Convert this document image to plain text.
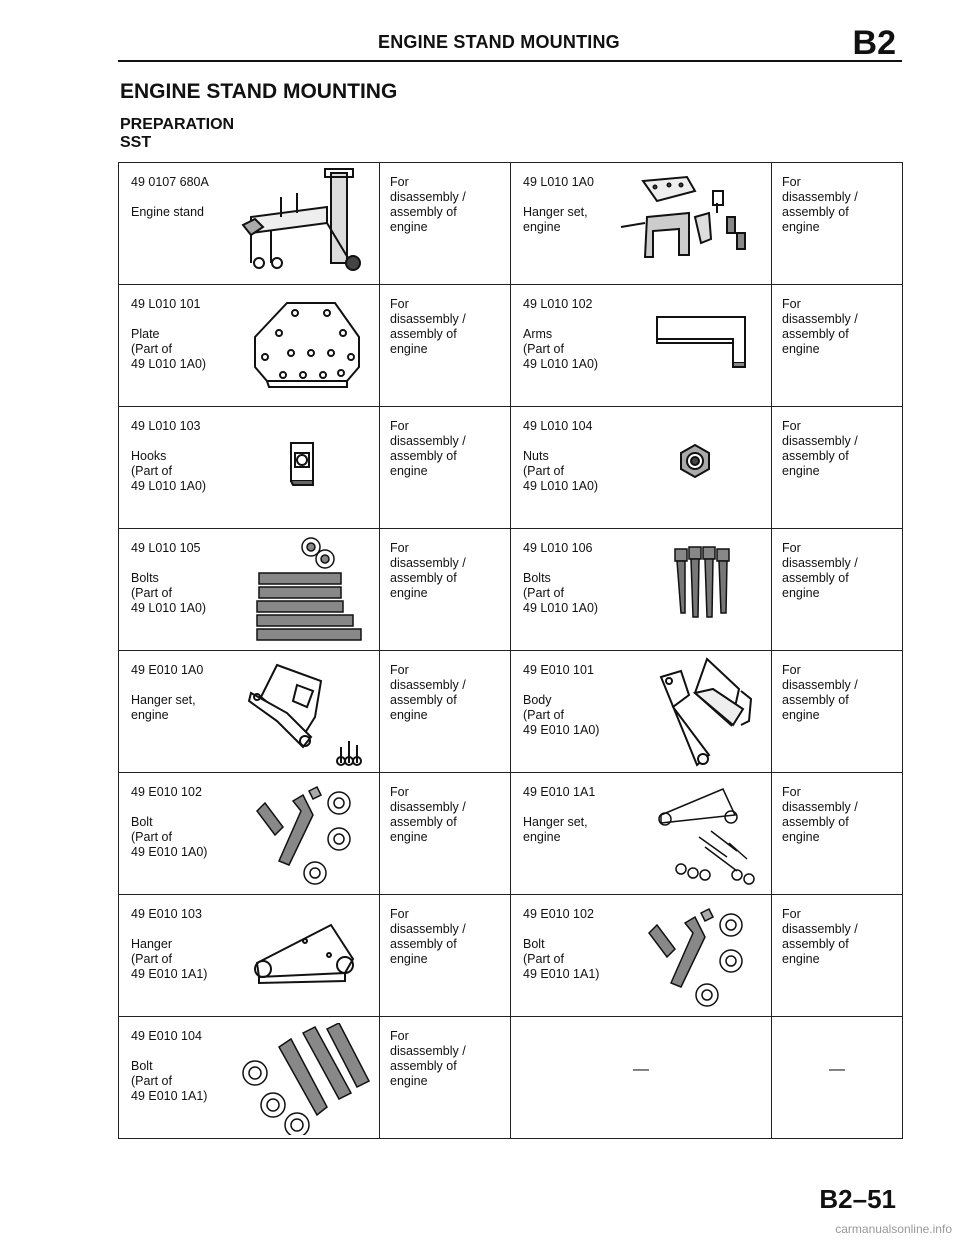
ENGINE STAND MOUNTING	B2
ENGINE STAND MOUNTING
PREPARATION
SST
49 0107 680A
Engine stand	For
disassembly /
assembly of
engine	49 L010 1A0
Hanger set,
engine	For
disassembly /
assembly of
engine

49 L010 101
Plate
(Part of
49 L010 1A0)	For
disassembly /
assembly of
engine	49 L010 102
Arms
(Part of
49 L010 1A0)	For
disassembly /
assembly of
engine

49 L010 103
Hooks
(Part of
49 L010 1A0)	For
disassembly /
assembly of
engine	49 L010 104
Nuts
(Part of
49 L010 1A0)	For
disassembly /
assembly of
engine

49 L010 105
Bolts
(Part of
49 L010 1A0)	For
disassembly /
assembly of
engine	49 L010 106
Bolts
(Part of
49 L010 1A0)	For
disassembly /
assembly of
engine

49 E010 1A0
Hanger set,
engine	For
disassembly /
assembly of
engine	49 E010 101
Body
(Part of
49 E010 1A0)	For
disassembly /
assembly of
engine

49 E010 102
Bolt
(Part of
49 E010 1A0)	For
disassembly /
assembly of
engine	49 E010 1A1
Hanger set,
engine	For
disassembly /
assembly of
engine

49 E010 103
Hanger
(Part of
49 E010 1A1)	For
disassembly /
assembly of
engine	49 E010 102
Bolt
(Part of
49 E010 1A1)	For
disassembly /
assembly of
engine

49 E010 104
Bolt
(Part of
49 E010 1A1)	For
disassembly /
assembly of
engine	—	—
B2–51
carmanualsonline.info
